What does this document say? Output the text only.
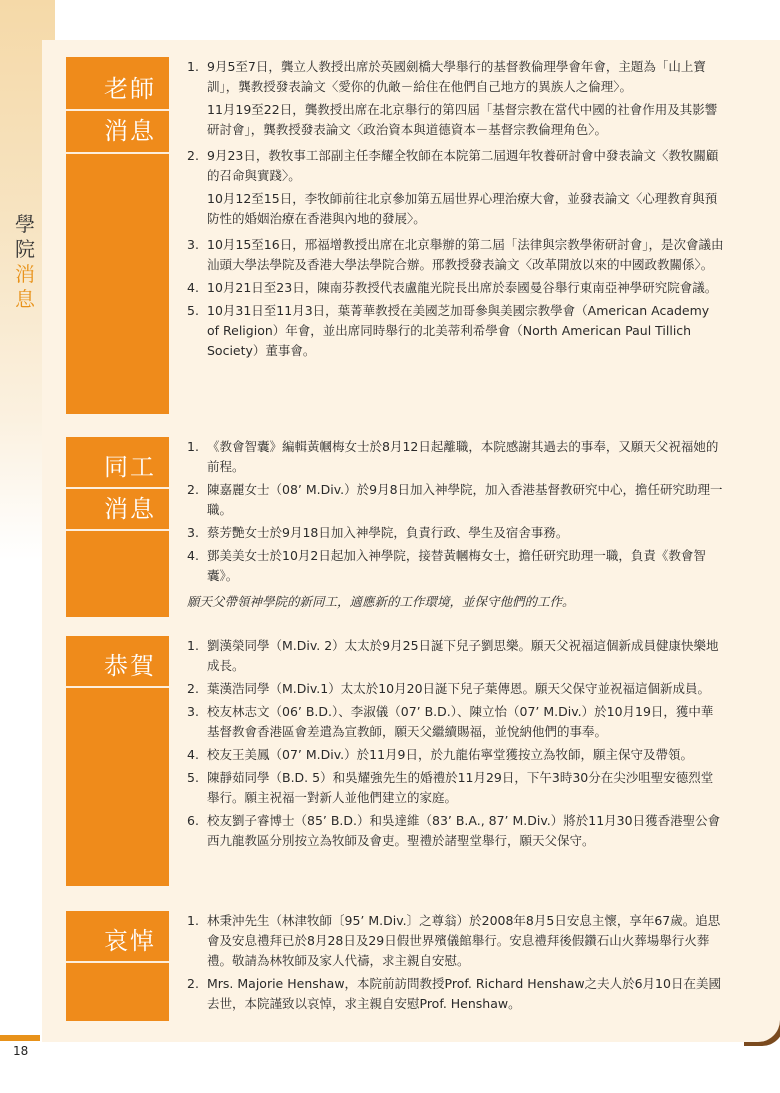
學
院
消
息
老師
消息
1. 9月5至7日，龔立人教授出席於英國劍橋大學舉行的基督教倫理學會年會，主題為「山上寶訓」，龔教授發表論文〈愛你的仇敵－給住在他們自己地方的異族人之倫理〉。
11月19至22日，龔教授出席在北京舉行的第四屆「基督宗教在當代中國的社會作用及其影響研討會」，龔教授發表論文〈政治資本與道德資本－基督宗教倫理角色〉。
2. 9月23日，教牧事工部副主任李耀全牧師在本院第二屆週年牧養研討會中發表論文〈教牧關顧的召命與實踐〉。
10月12至15日，李牧師前往北京參加第五屆世界心理治療大會，並發表論文〈心理教育與預防性的婚姻治療在香港與內地的發展〉。
3. 10月15至16日，邢福增教授出席在北京舉辦的第二屆「法律與宗教學術研討會」，是次會議由汕頭大學法學院及香港大學法學院合辦。邢教授發表論文〈改革開放以來的中國政教關係〉。
4. 10月21日至23日，陳南芬教授代表盧龍光院長出席於泰國曼谷舉行東南亞神學研究院會議。
5. 10月31日至11月3日，葉菁華教授在美國芝加哥參與美國宗教學會（American Academy of Religion）年會，並出席同時舉行的北美蒂利希學會（North American Paul Tillich Society）董事會。
同工
消息
1. 《教會智囊》編輯黃幗梅女士於8月12日起離職，本院感謝其過去的事奉，又願天父祝福她的前程。
2. 陳嘉麗女士（08’ M.Div.）於9月8日加入神學院，加入香港基督教研究中心，擔任研究助理一職。
3. 蔡芳艷女士於9月18日加入神學院，負責行政、學生及宿舍事務。
4. 鄧美美女士於10月2日起加入神學院，接替黃幗梅女士，擔任研究助理一職，負責《教會智囊》。
願天父帶領神學院的新同工，適應新的工作環境，並保守他們的工作。
恭賀
1. 劉漢榮同學（M.Div. 2）太太於9月25日誕下兒子劉思樂。願天父祝福這個新成員健康快樂地成長。
2. 葉漢浩同學（M.Div.1）太太於10月20日誕下兒子葉傳恩。願天父保守並祝福這個新成員。
3. 校友林志文（06’ B.D.）、李淑儀（07’ B.D.）、陳立怡（07’ M.Div.）於10月19日，獲中華基督教會香港區會差遣為宣教師，願天父繼續賜福，並悅納他們的事奉。
4. 校友王美鳳（07’ M.Div.）於11月9日，於九龍佑寧堂獲按立為牧師，願主保守及帶領。
5. 陳靜茹同學（B.D. 5）和吳耀強先生的婚禮於11月29日，下午3時30分在尖沙咀聖安德烈堂舉行。願主祝福一對新人並他們建立的家庭。
6. 校友劉子睿博士（85’ B.D.）和吳達維（83’ B.A., 87’ M.Div.）將於11月30日獲香港聖公會西九龍教區分別按立為牧師及會吏。聖禮於諸聖堂舉行，願天父保守。
哀悼
1. 林秉沖先生（林津牧師〔95’ M.Div.〕之尊翁）於2008年8月5日安息主懷，享年67歲。追思會及安息禮拜已於8月28日及29日假世界殯儀館舉行。安息禮拜後假鑽石山火葬場舉行火葬禮。敬請為林牧師及家人代禱，求主親自安慰。
2. Mrs. Majorie Henshaw，本院前訪問教授Prof. Richard Henshaw之夫人於6月10日在美國去世，本院謹致以哀悼，求主親自安慰Prof. Henshaw。
18
